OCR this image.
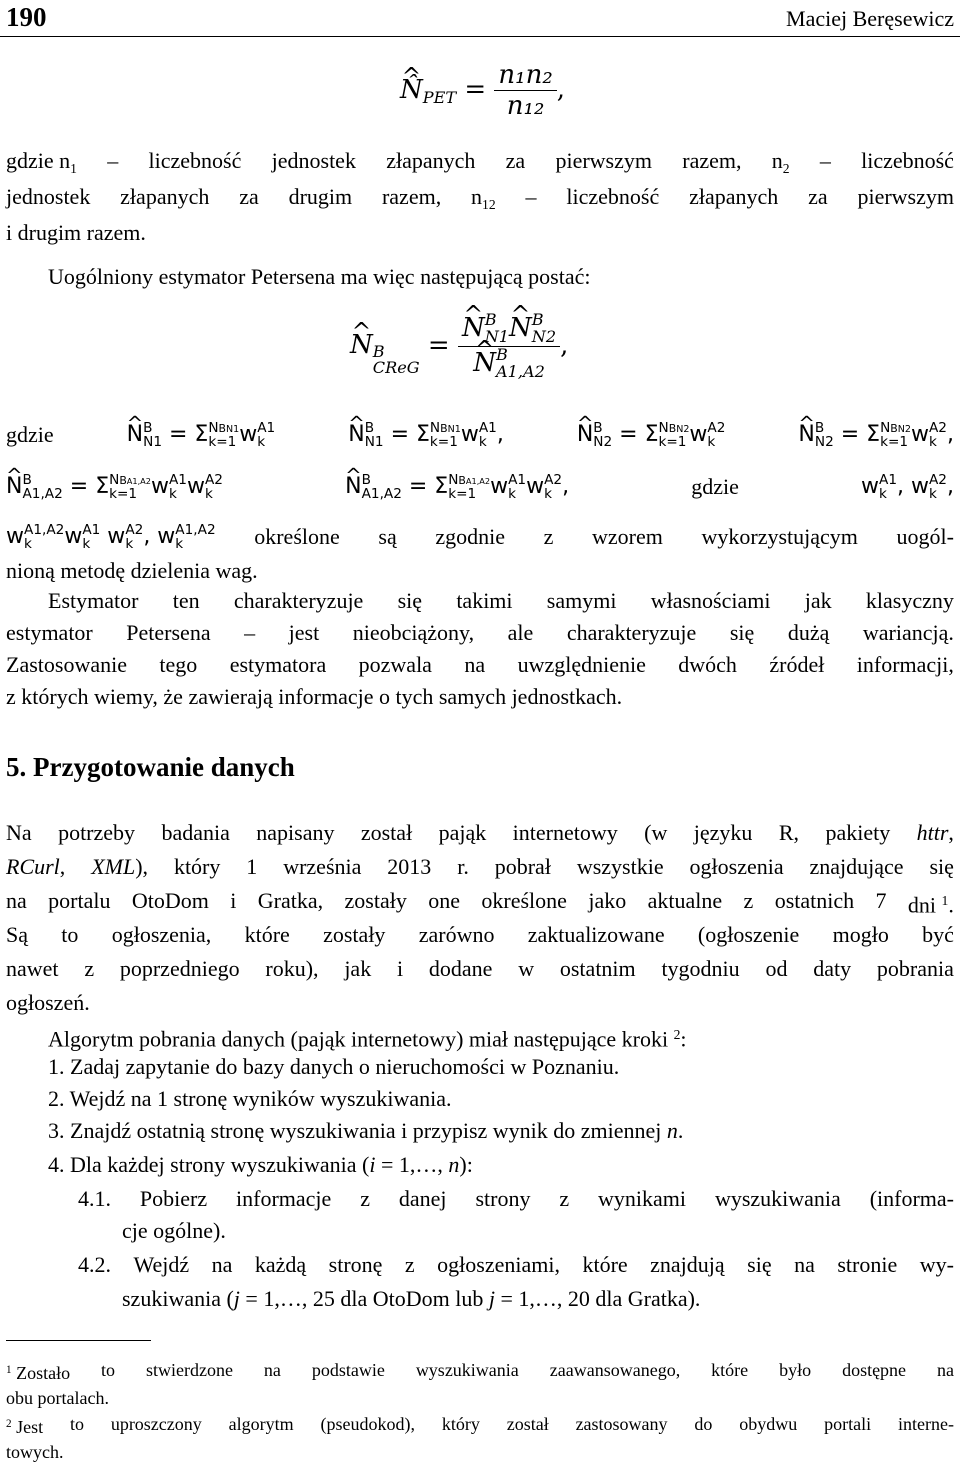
190	Maciej Beręsewicz
^ $N̂_{PET} = \frac{\text{n₁n₂}}{\text{n₁₂}}$ ,
gdzie $n_1$ – liczebność jednostek złapanych za pierwszym razem, $n_2$ – liczebność
jednostek złapanych za drugim razem, $n_{12}$ – liczebność złapanych za pierwszym
i drugim razem.
Uogólniony estymator Petersena ma więc następującą postać:
^ N B
CReG
= ^ N B
N1 ^ N B
N2
^ N B
A1,A2 ,
gdzie	^ N B
N1 = Σ NBN1
k=1 w A1
k	^ N B
N1 = Σ NBN1
k=1 w A1
k ,	^ N B
N2 = Σ NBN2
k=1 w A2
k	^ N B
N2 = Σ NBN2
k=1 w A2
k ,
^ N B
A1,A2 = Σ NBA1,A2
k=1 w A1
k w A2
k	^ N B
A1,A2 = Σ NBA1,A2
k=1 w A1
k w A2
k ,	gdzie	w A1
k , w A2
k ,
w A1,A2
k	w A1
k w A2
k , w A1,A2
k	określone są zgodnie z wzorem wykorzystującym uogól-
nioną metodę dzielenia wag.
Estymator ten charakteryzuje się takimi samymi własnościami jak klasyczny
estymator Petersena – jest nieobciążony, ale charakteryzuje się dużą wariancją.
Zastosowanie tego estymatora pozwala na uwzględnienie dwóch źródeł informacji,
z których wiemy, że zawierają informacje o tych samych jednostkach.
5. Przygotowanie danych
Na potrzeby badania napisany został pająk internetowy (w języku R, pakiety httr,
RCurl, XML), który 1 września 2013 r. pobrał wszystkie ogłoszenia znajdujące się
na portalu OtoDom i Gratka, zostały one określone jako aktualne z ostatnich 7 dni $^1$.
Są to ogłoszenia, które zostały zarówno zaktualizowane (ogłoszenie mogło być
nawet z poprzedniego roku), jak i dodane w ostatnim tygodniu od daty pobrania
ogłoszeń.
Algorytm pobrania danych (pająk internetowy) miał następujące kroki $^2$:
1. Zadaj zapytanie do bazy danych o nieruchomości w Poznaniu.
2. Wejdź na 1 stronę wyników wyszukiwania.
3. Znajdź ostatnią stronę wyszukiwania i przypisz wynik do zmiennej n.
4. Dla każdej strony wyszukiwania (i = 1,…, n):
4.1. Pobierz informacje z danej strony z wynikami wyszukiwania (informa-
cje ogólne).
4.2. Wejdź na każdą stronę z ogłoszeniami, które znajdują się na stronie wy-
szukiwania (j = 1,…, 25 dla OtoDom lub j = 1,…, 20 dla Gratka).
$^1$ Zostało to stwierdzone na podstawie wyszukiwania zaawansowanego, które było dostępne na
obu portalach.
$^2$ Jest to uproszczony algorytm (pseudokod), który został zastosowany do obydwu portali interne-
towych.
